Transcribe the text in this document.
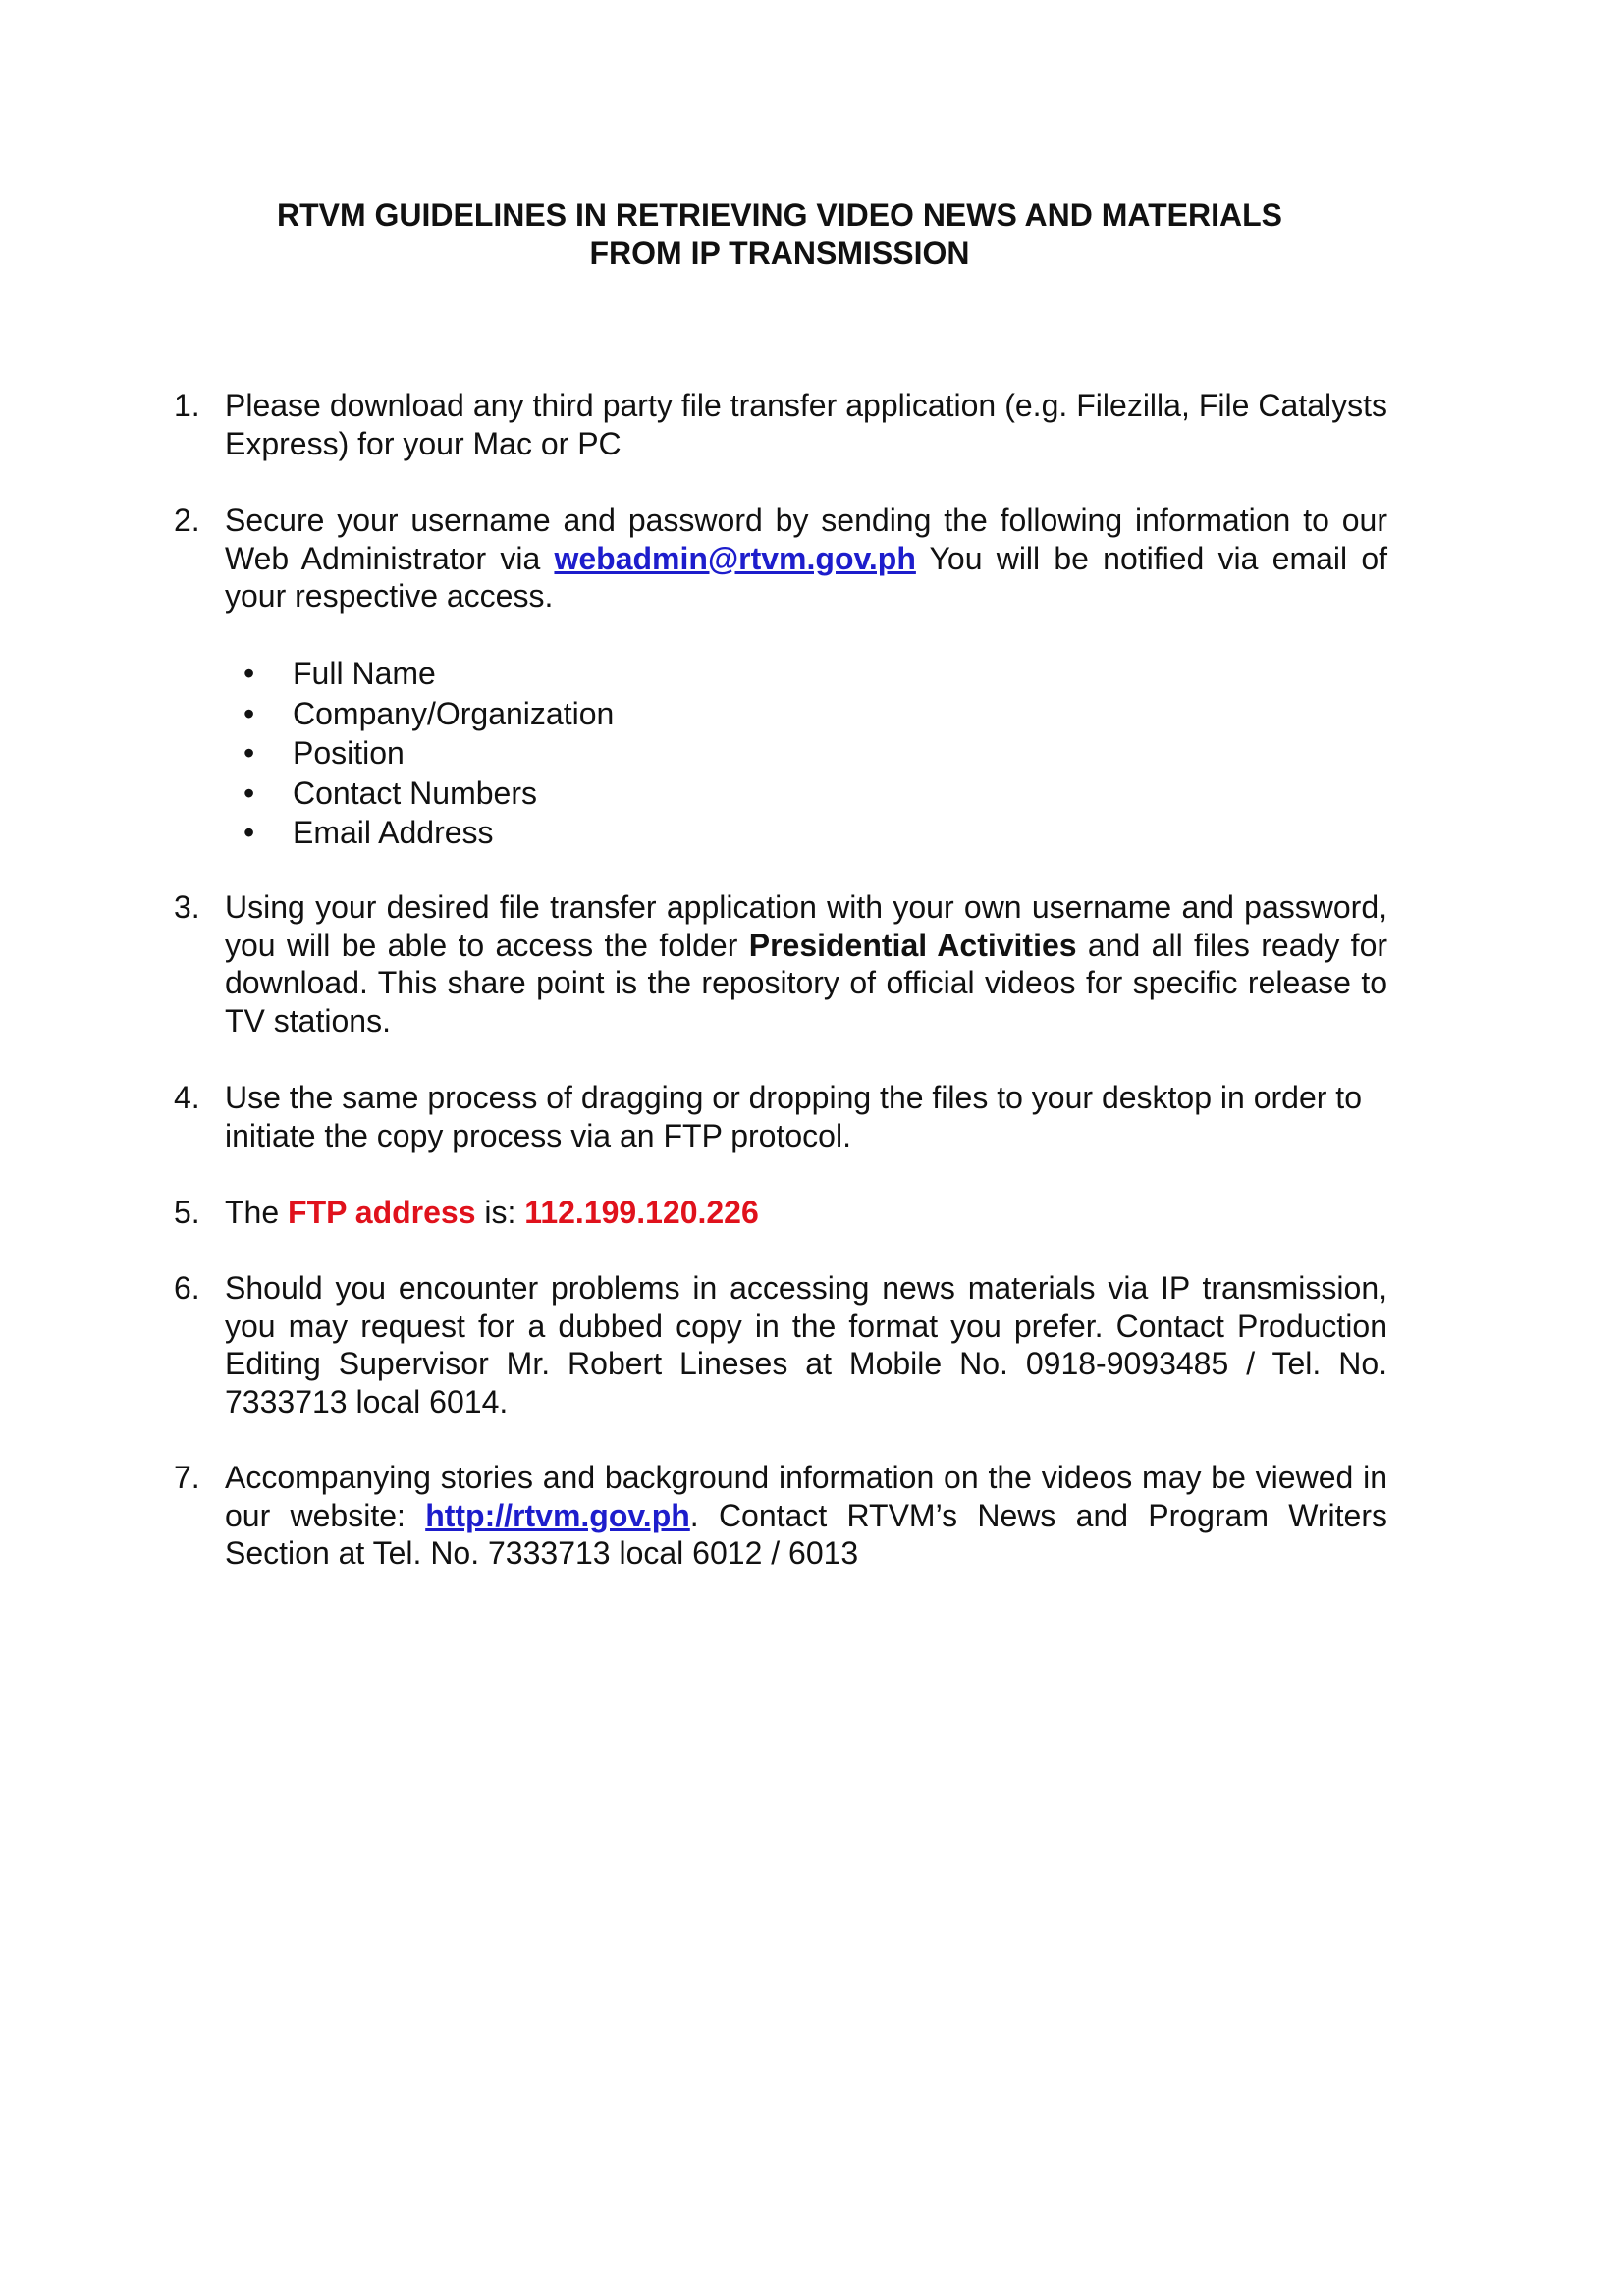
RTVM GUIDELINES IN RETRIEVING VIDEO NEWS AND MATERIALS
FROM IP TRANSMISSION
1. Please download any third party file transfer application (e.g. Filezilla, File Catalysts Express) for your Mac or PC
2. Secure your username and password by sending the following information to our Web Administrator via webadmin@rtvm.gov.ph You will be notified via email of your respective access.
• Full Name
• Company/Organization
• Position
• Contact Numbers
• Email Address
3. Using your desired file transfer application with your own username and password, you will be able to access the folder Presidential Activities and all files ready for download. This share point is the repository of official videos for specific release to TV stations.
4. Use the same process of dragging or dropping the files to your desktop in order to initiate the copy process via an FTP protocol.
5. The FTP address is: 112.199.120.226
6. Should you encounter problems in accessing news materials via IP transmission, you may request for a dubbed copy in the format you prefer. Contact Production Editing Supervisor Mr. Robert Lineses at Mobile No. 0918-9093485 / Tel. No. 7333713 local 6014.
7. Accompanying stories and background information on the videos may be viewed in our website: http://rtvm.gov.ph. Contact RTVM’s News and Program Writers Section at Tel. No. 7333713 local 6012 / 6013
